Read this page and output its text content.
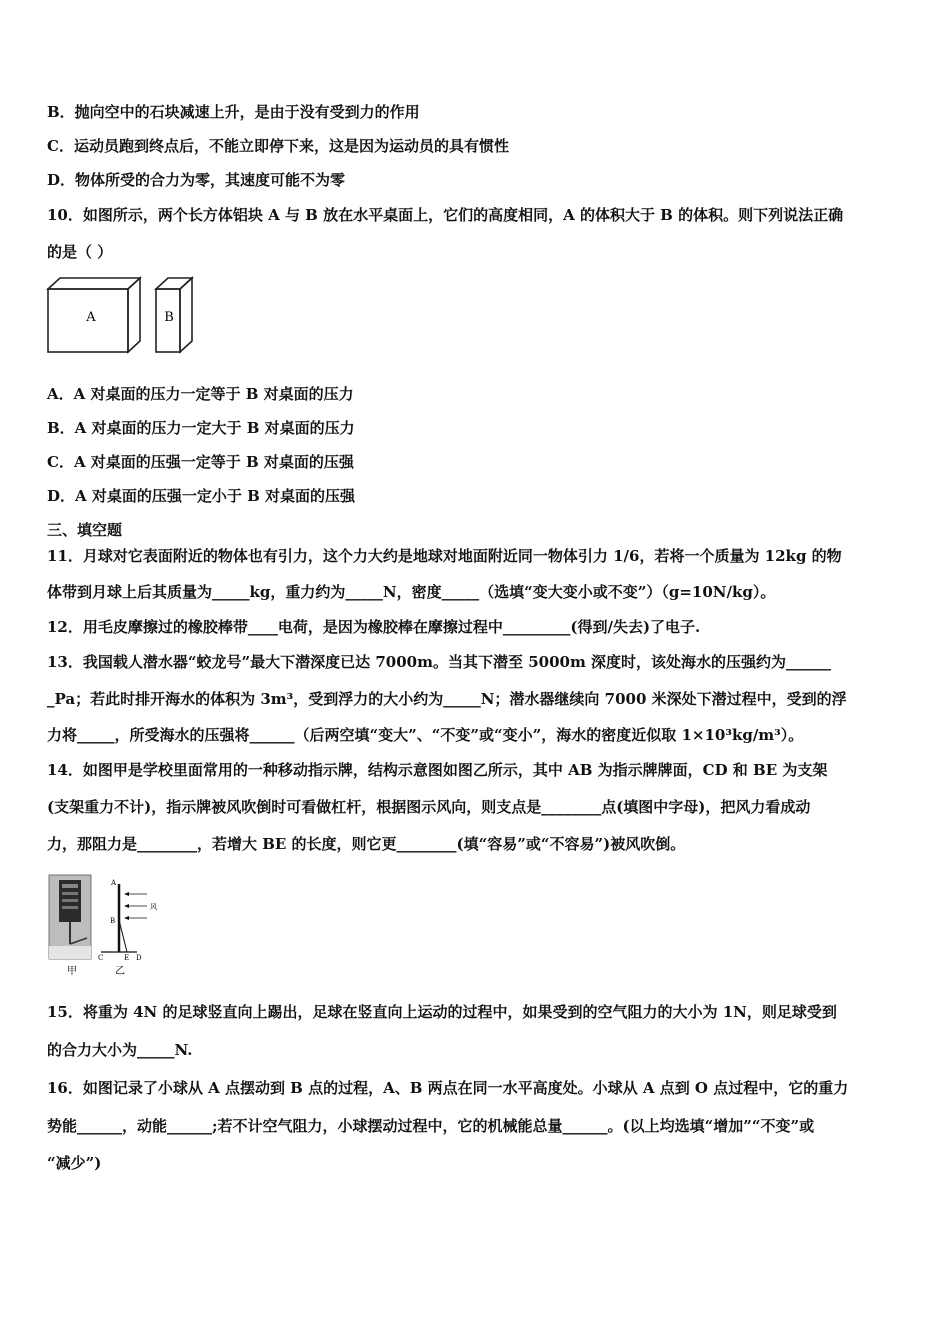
B．抛向空中的石块减速上升，是由于没有受到力的作用
C．运动员跑到终点后，不能立即停下来，这是因为运动员的具有惯性
D．物体所受的合力为零，其速度可能不为零
10．如图所示，两个长方体铝块 A 与 B 放在水平桌面上，它们的高度相同，A 的体积大于 B 的体积。则下列说法正确
的是（ ）
A	B
A．A 对桌面的压力一定等于 B 对桌面的压力
B．A 对桌面的压力一定大于 B 对桌面的压力
C．A 对桌面的压强一定等于 B 对桌面的压强
D．A 对桌面的压强一定小于 B 对桌面的压强
三、填空题
11．月球对它表面附近的物体也有引力，这个力大约是地球对地面附近同一物体引力 1/6，若将一个质量为 12kg 的物
体带到月球上后其质量为_____kg，重力约为_____N，密度_____（选填“变大变小或不变”）（g=10N/kg）。
12．用毛皮摩擦过的橡胶棒带____电荷，是因为橡胶棒在摩擦过程中_________(得到/失去)了电子.
13．我国载人潜水器“蛟龙号”最大下潜深度已达 7000m。当其下潜至 5000m 深度时，该处海水的压强约为______
_Pa；若此时排开海水的体积为 3m³，受到浮力的大小约为_____N；潜水器继续向 7000 米深处下潜过程中，受到的浮
力将_____，所受海水的压强将______（后两空填“变大”、“不变”或“变小”，海水的密度近似取 1×10³kg/m³）。
14．如图甲是学校里面常用的一种移动指示牌，结构示意图如图乙所示，其中 AB 为指示牌牌面，CD 和 BE 为支架
(支架重力不计)，指示牌被风吹倒时可看做杠杆，根据图示风向，则支点是________点(填图中字母)，把风力看成动
力，那阻力是________，若增大 BE 的长度，则它更________(填“容易”或“不容易”)被风吹倒。
甲
A
B
C	E D
风
乙
15．将重为 4N 的足球竖直向上踢出，足球在竖直向上运动的过程中，如果受到的空气阻力的大小为 1N，则足球受到
的合力大小为_____N.
16．如图记录了小球从 A 点摆动到 B 点的过程，A、B 两点在同一水平高度处。小球从 A 点到 O 点过程中，它的重力
势能______，动能______;若不计空气阻力，小球摆动过程中，它的机械能总量______。(以上均选填“增加”“不变”或
“减少”)
